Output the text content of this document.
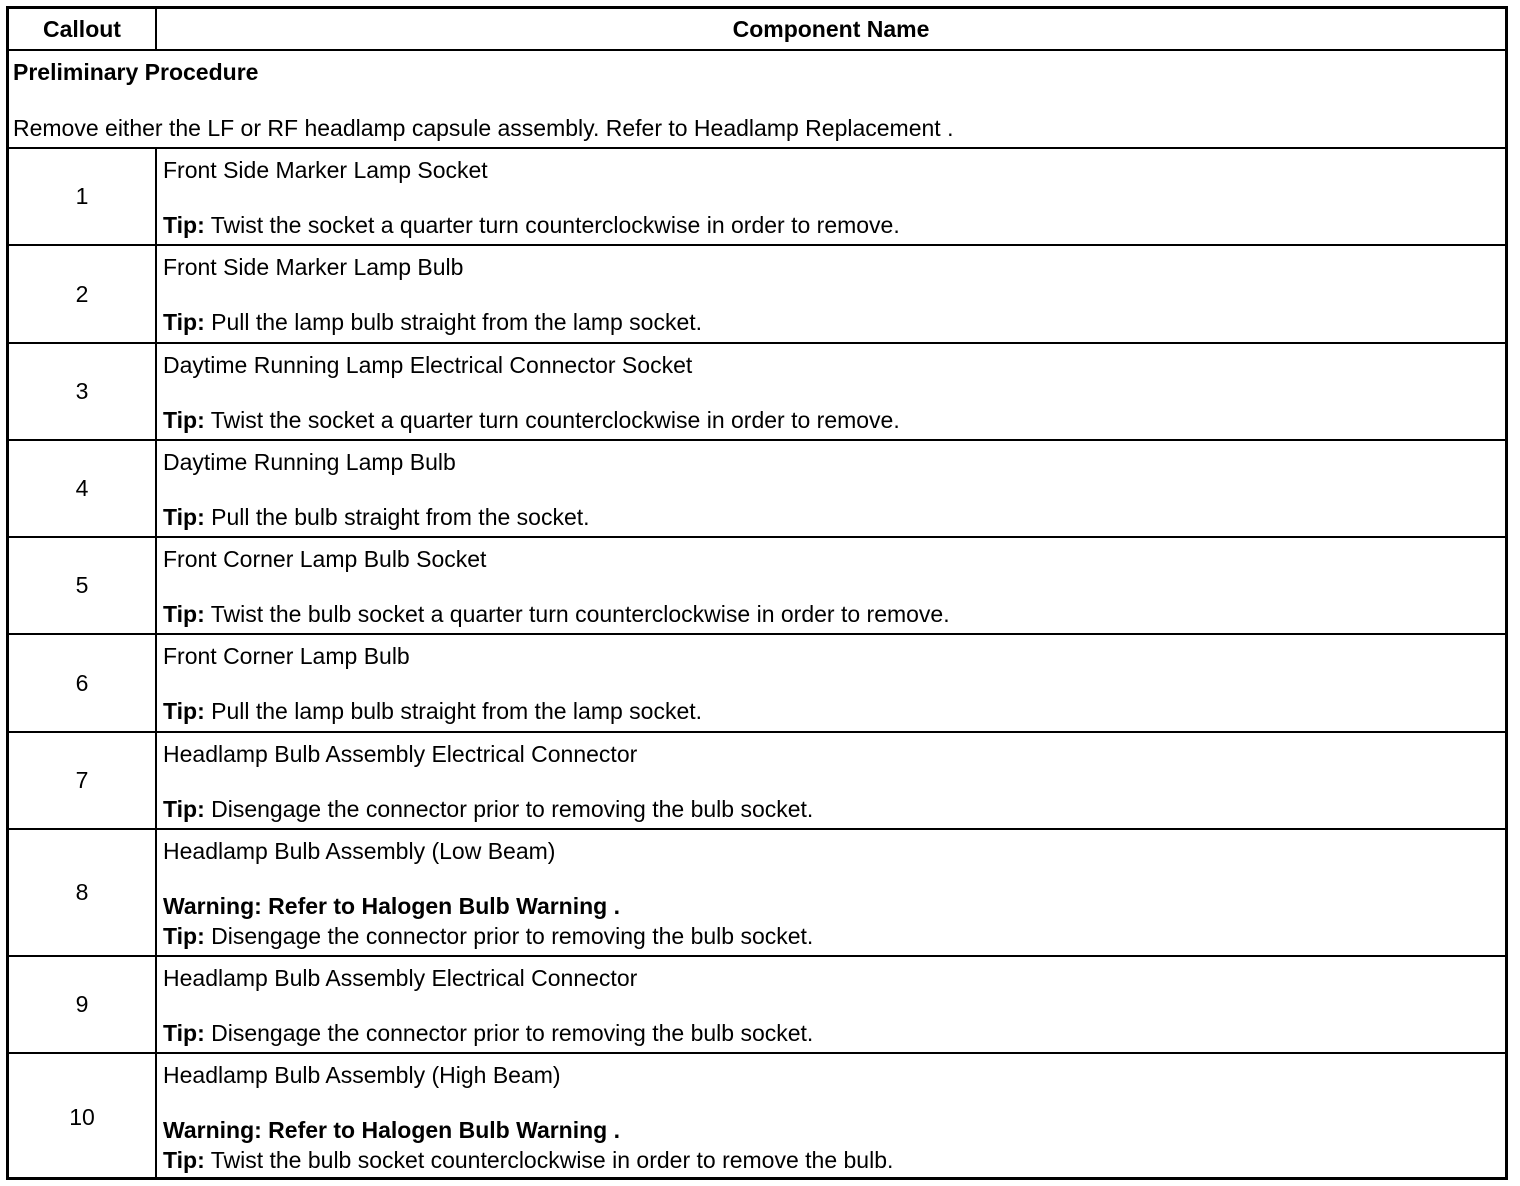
Callout	Component Name
Preliminary Procedure
Remove either the LF or RF headlamp capsule assembly. Refer to Headlamp Replacement .
1
Front Side Marker Lamp Socket
Tip: Twist the socket a quarter turn counterclockwise in order to remove.
2
Front Side Marker Lamp Bulb
Tip: Pull the lamp bulb straight from the lamp socket.
3
Daytime Running Lamp Electrical Connector Socket
Tip: Twist the socket a quarter turn counterclockwise in order to remove.
4
Daytime Running Lamp Bulb
Tip: Pull the bulb straight from the socket.
5
Front Corner Lamp Bulb Socket
Tip: Twist the bulb socket a quarter turn counterclockwise in order to remove.
6
Front Corner Lamp Bulb
Tip: Pull the lamp bulb straight from the lamp socket.
7
Headlamp Bulb Assembly Electrical Connector
Tip: Disengage the connector prior to removing the bulb socket.
8
Headlamp Bulb Assembly (Low Beam)
Warning: Refer to Halogen Bulb Warning .
Tip: Disengage the connector prior to removing the bulb socket.
9
Headlamp Bulb Assembly Electrical Connector
Tip: Disengage the connector prior to removing the bulb socket.
10
Headlamp Bulb Assembly (High Beam)
Warning: Refer to Halogen Bulb Warning .
Tip: Twist the bulb socket counterclockwise in order to remove the bulb.
